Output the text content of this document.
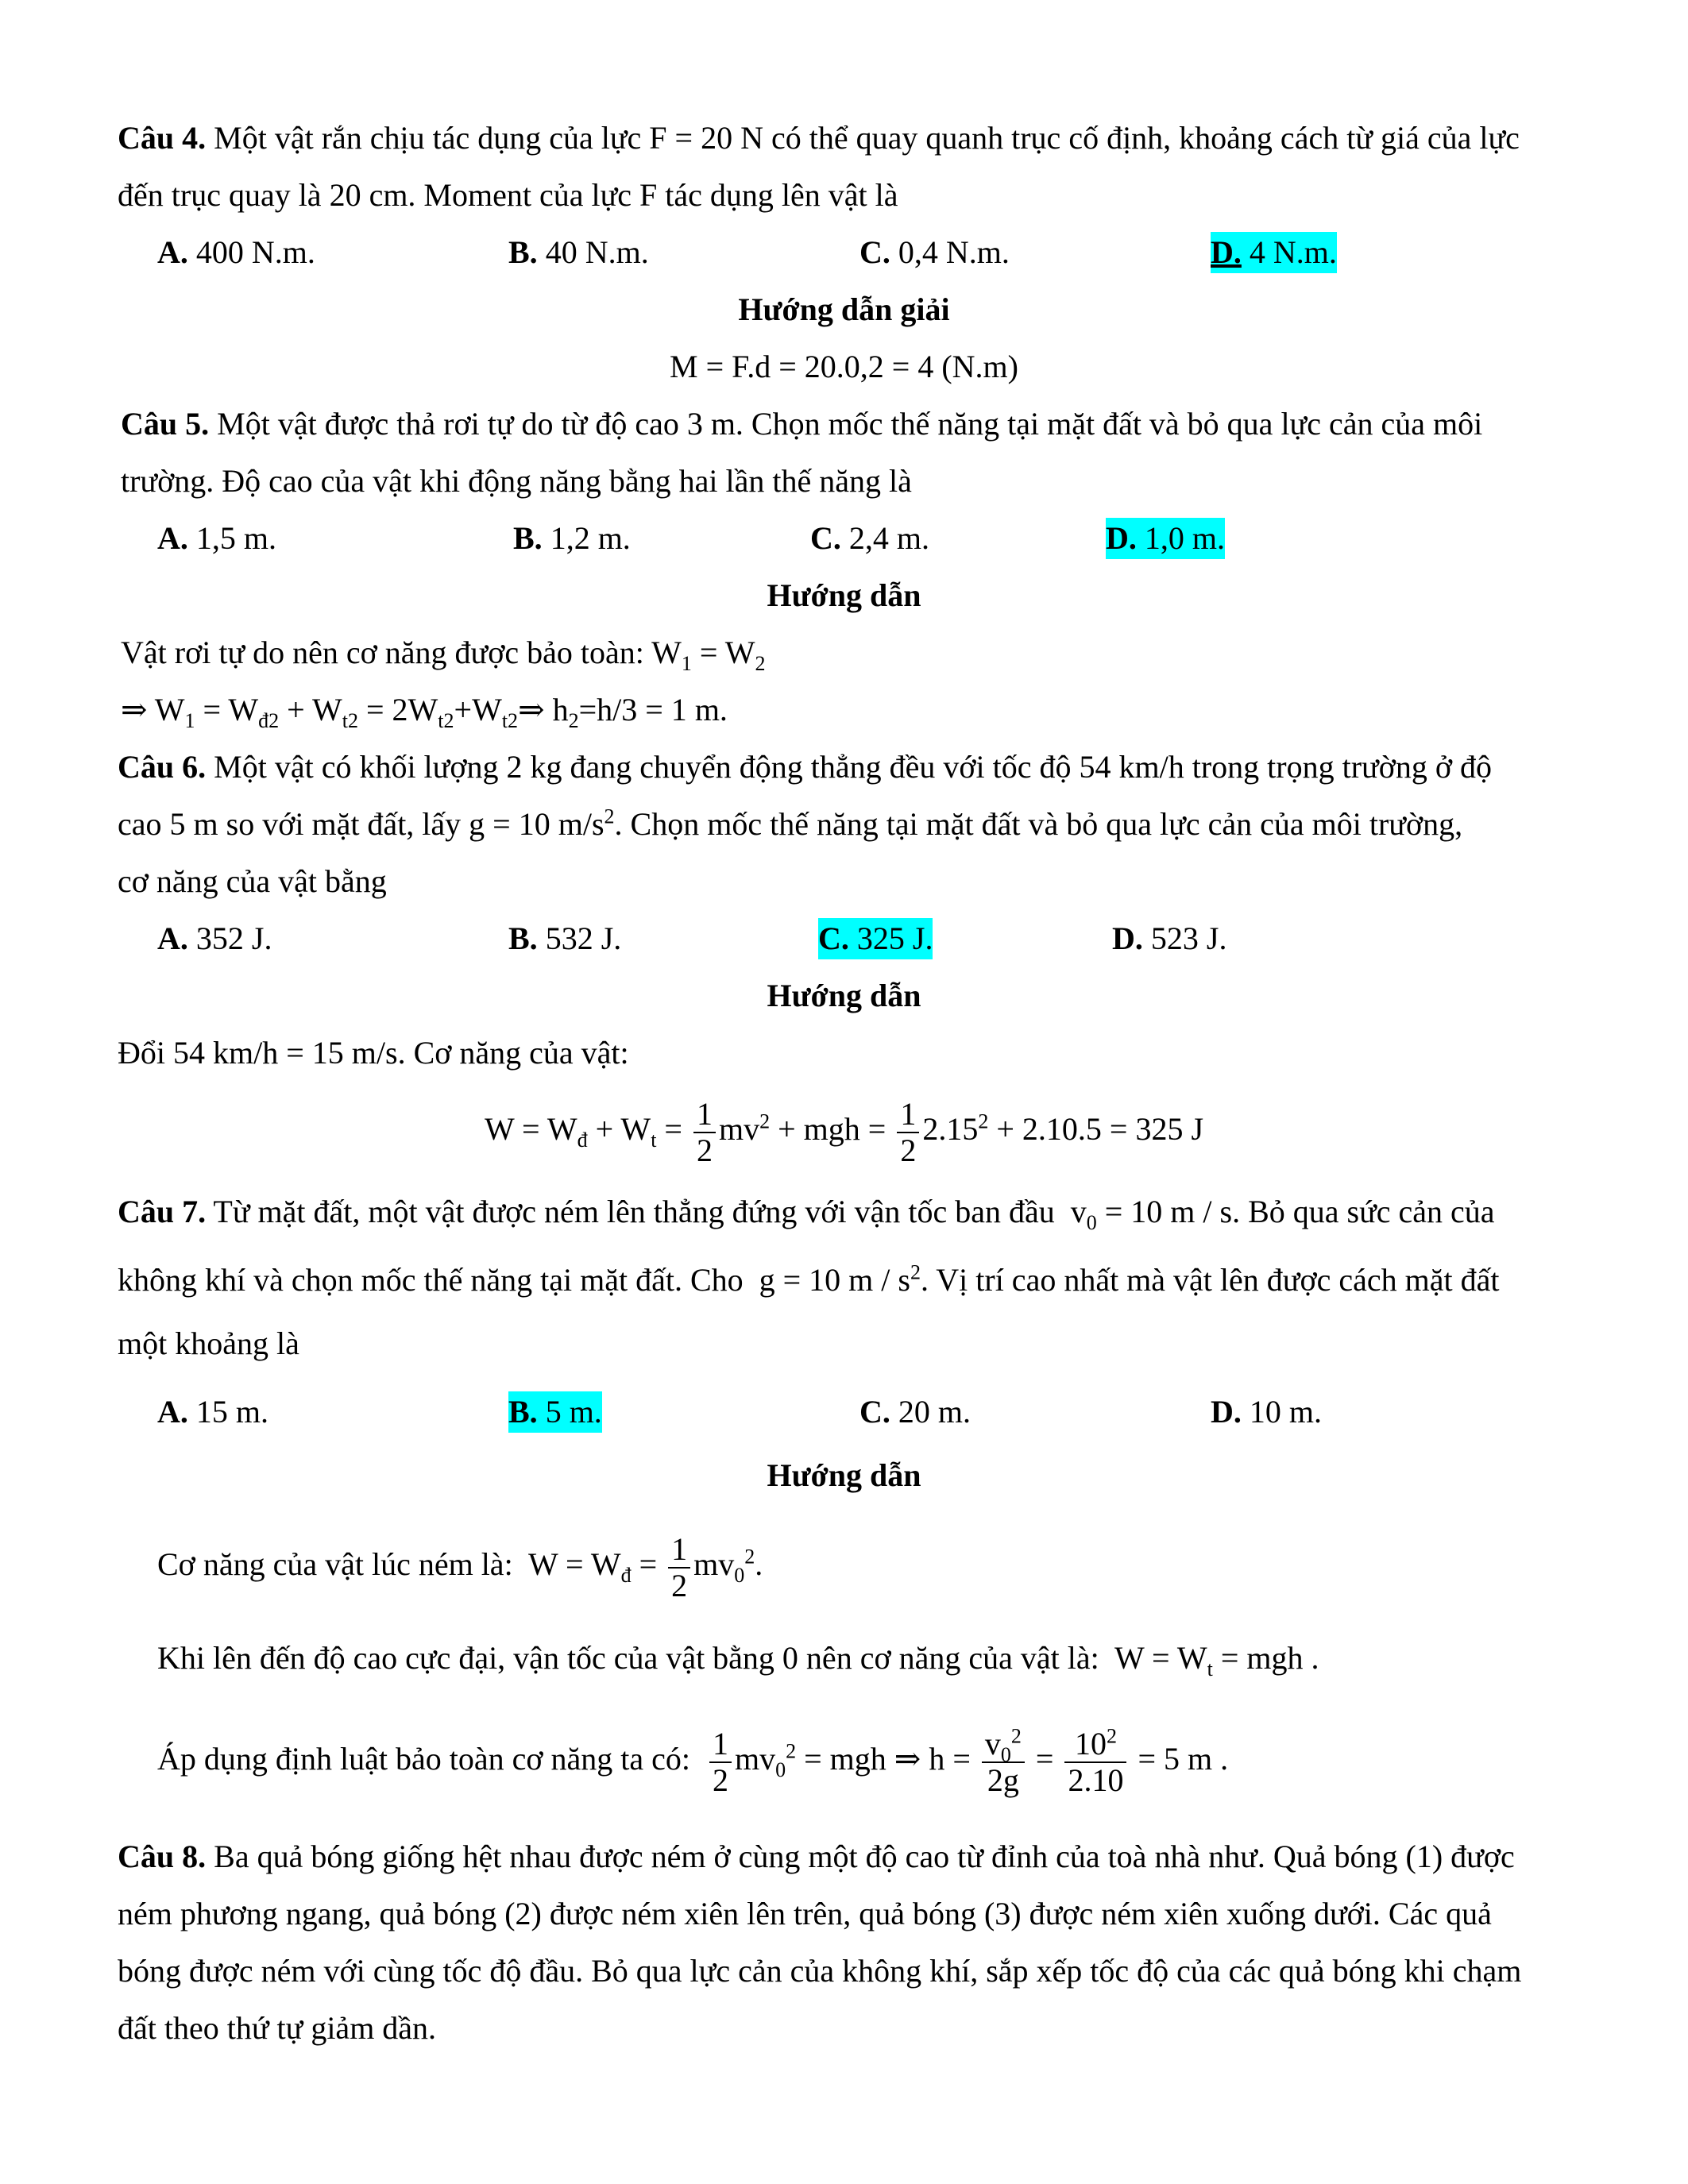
Câu 4. Một vật rắn chịu tác dụng của lực F = 20 N có thể quay quanh trục cố định, khoảng cách từ giá của lực
đến trục quay là 20 cm. Moment của lực F tác dụng lên vật là
A. 400 N.m.	B. 40 N.m.	C. 0,4 N.m.	D. 4 N.m.
Hướng dẫn giải
M = F.d = 20.0,2 = 4 (N.m)
Câu 5. Một vật được thả rơi tự do từ độ cao 3 m. Chọn mốc thế năng tại mặt đất và bỏ qua lực cản của môi
trường. Độ cao của vật khi động năng bằng hai lần thế năng là
A. 1,5 m.	B. 1,2 m.	C. 2,4 m.	D. 1,0 m.
Hướng dẫn
Vật rơi tự do nên cơ năng được bảo toàn: $W_1 = W_2$
⇒ $W_1 = W_{đ2} + W_{t2}$ = $2W_{t2}+W_{t2}\Rightarrow$ $h_2=h/3 = 1$ m.
Câu 6. Một vật có khối lượng 2 kg đang chuyển động thẳng đều với tốc độ 54 km/h trong trọng trường ở độ
cao 5 m so với mặt đất, lấy g = 10 $m/s^2$. Chọn mốc thế năng tại mặt đất và bỏ qua lực cản của môi trường,
cơ năng của vật bằng
A. 352 J.	B. 532 J.	C. 325 J.	D. 523 J.
Hướng dẫn
Đổi 54 km/h = 15 m/s. Cơ năng của vật:
$W = W_đ + W_t = \frac{1}{2} mv^2$ + mgh = $\frac{1}{2} 2.15^2 + 2.10.5 = 325$ J
Câu 7. Từ mặt đất, một vật được ném lên thẳng đứng với vận tốc ban đầu  $v_0 = 10$ m / s. Bỏ qua sức cản của
không khí và chọn mốc thế năng tại mặt đất. Cho  g = 10 m / $s^2$. Vị trí cao nhất mà vật lên được cách mặt đất
một khoảng là
A. 15 m.	B. 5 m.	C. 20 m.	D. 10 m.
Hướng dẫn
Cơ năng của vật lúc ném là:  $W = W_đ = \frac{1}{2} mv_0^2$.
Khi lên đến độ cao cực đại, vận tốc của vật bằng 0 nên cơ năng của vật là:  $W = W_t$ = mgh .
Áp dụng định luật bảo toàn cơ năng ta có: $\frac{1}{2} mv_0^2$ = mgh ⇒ $h = \frac{v_0^2}{2g} = \frac{10^2}{2.10} = 5$ m .
Câu 8. Ba quả bóng giống hệt nhau được ném ở cùng một độ cao từ đỉnh của toà nhà như. Quả bóng (1) được
ném phương ngang, quả bóng (2) được ném xiên lên trên, quả bóng (3) được ném xiên xuống dưới. Các quả
bóng được ném với cùng tốc độ đầu. Bỏ qua lực cản của không khí, sắp xếp tốc độ của các quả bóng khi chạm
đất theo thứ tự giảm dần.
